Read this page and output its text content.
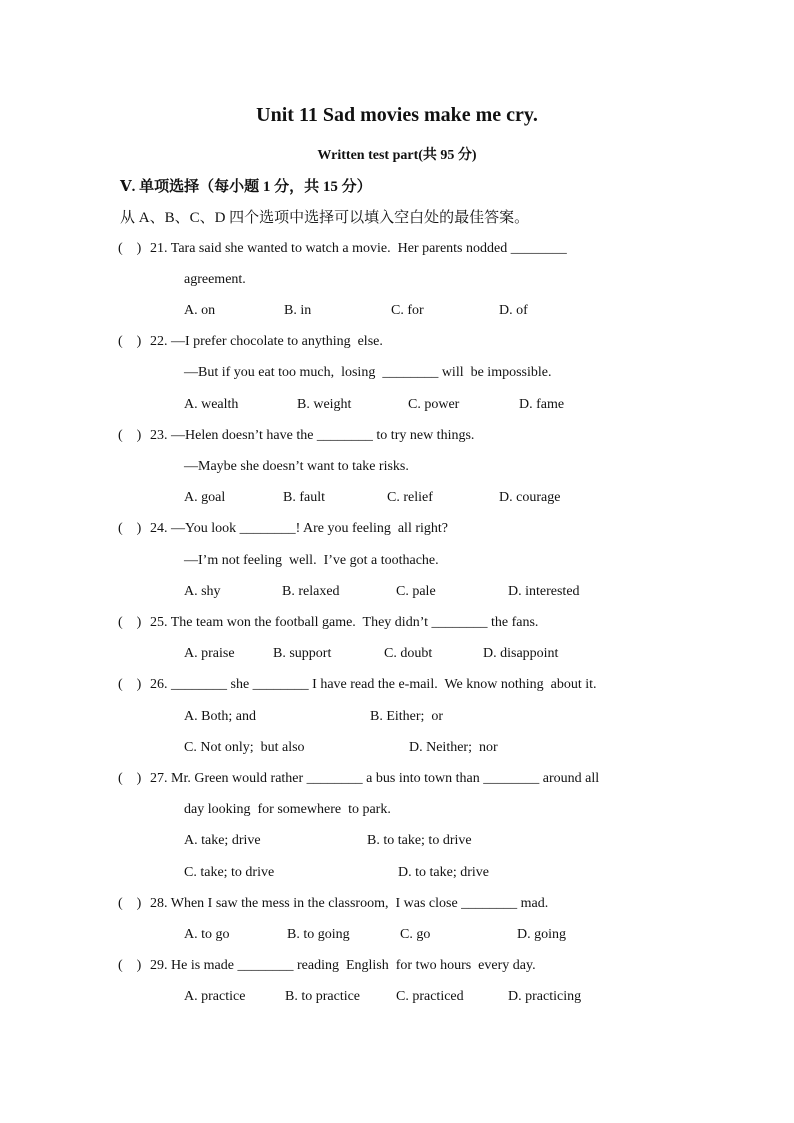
Unit 11 Sad movies make me cry.
Written test part(共 95 分)
Ⅴ. 单项选择（每小题 1 分，共 15 分）
从 A、B、C、D 四个选项中选择可以填入空白处的最佳答案。
(    ) 21. Tara said she wanted to watch a movie.  Her parents nodded ________
agreement.
A. on	B. in	C. for	D. of
(    ) 22. —I prefer chocolate to anything  else.
—But if you eat too much,  losing  ________ will  be impossible.
A. wealth	B. weight	C. power	D. fame
(    ) 23. —Helen doesn’t have the ________ to try new things.
—Maybe she doesn’t want to take risks.
A. goal	B. fault	C. relief	D. courage
(    ) 24. —You look ________! Are you feeling  all right?
—I’m not feeling  well.  I’ve got a toothache.
A. shy	B. relaxed	C. pale	D. interested
(    ) 25. The team won the football game.  They didn’t ________ the fans.
A. praise	B. support	C. doubt	D. disappoint
(    ) 26. ________ she ________ I have read the e-mail.  We know nothing  about it.
A. Both; and	B. Either;  or
C. Not only;  but also	D. Neither;  nor
(    ) 27. Mr. Green would rather ________ a bus into town than ________ around all
day looking  for somewhere  to park.
A. take; drive	B. to take; to drive
C. take; to drive	D. to take; drive
(    ) 28. When I saw the mess in the classroom,  I was close ________ mad.
A. to go	B. to going	C. go	D. going
(    ) 29. He is made ________ reading  English  for two hours  every day.
A. practice	B. to practice	C. practiced	D. practicing
